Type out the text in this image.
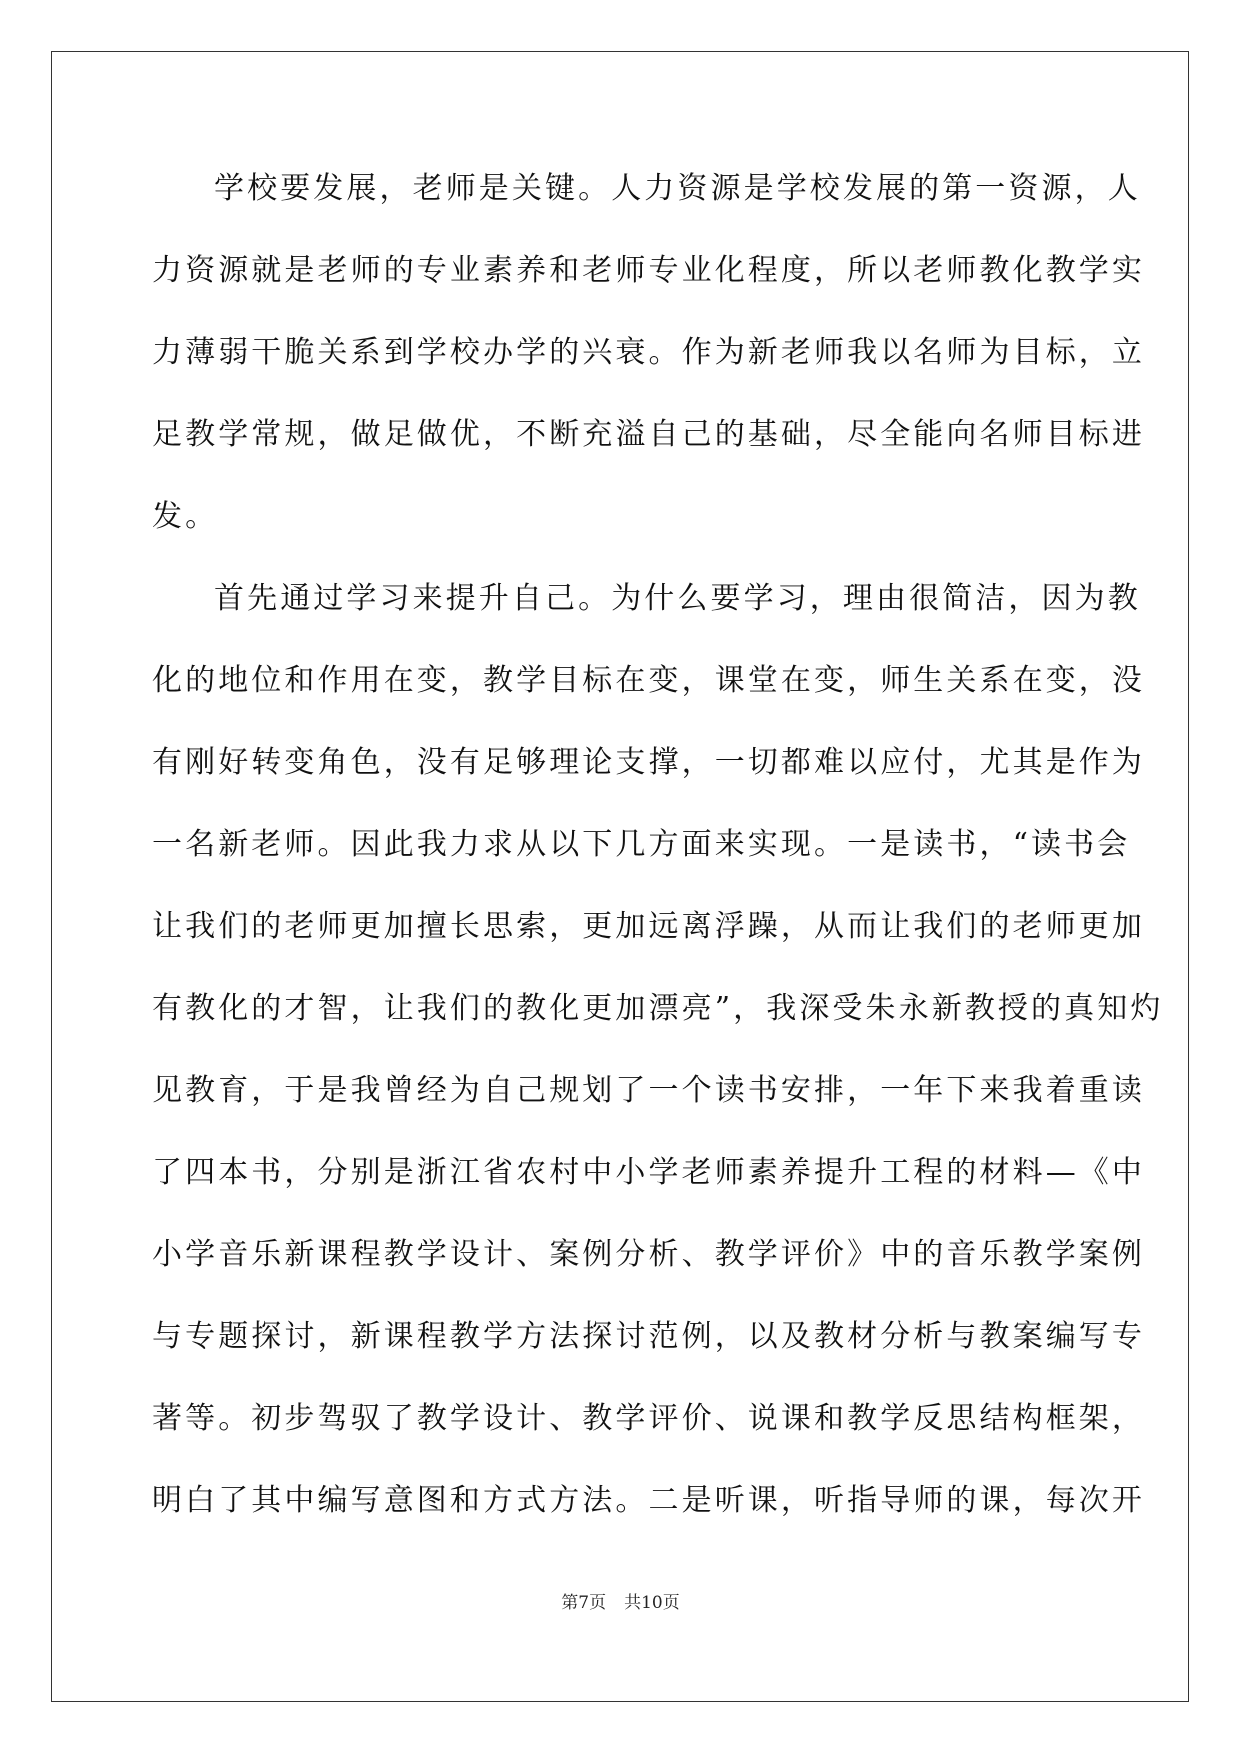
学校要发展，老师是关键。人力资源是学校发展的第一资源，人
力资源就是老师的专业素养和老师专业化程度，所以老师教化教学实
力薄弱干脆关系到学校办学的兴衰。作为新老师我以名师为目标，立
足教学常规，做足做优，不断充溢自己的基础，尽全能向名师目标进
发。
首先通过学习来提升自己。为什么要学习，理由很简洁，因为教
化的地位和作用在变，教学目标在变，课堂在变，师生关系在变，没
有刚好转变角色，没有足够理论支撑，一切都难以应付，尤其是作为
一名新老师。因此我力求从以下几方面来实现。一是读书，“读书会
让我们的老师更加擅长思索，更加远离浮躁，从而让我们的老师更加
有教化的才智，让我们的教化更加漂亮”，我深受朱永新教授的真知灼
见教育，于是我曾经为自己规划了一个读书安排，一年下来我着重读
了四本书，分别是浙江省农村中小学老师素养提升工程的材料—《中
小学音乐新课程教学设计、案例分析、教学评价》中的音乐教学案例
与专题探讨，新课程教学方法探讨范例，以及教材分析与教案编写专
著等。初步驾驭了教学设计、教学评价、说课和教学反思结构框架，
明白了其中编写意图和方式方法。二是听课，听指导师的课，每次开
第7页 共10页
